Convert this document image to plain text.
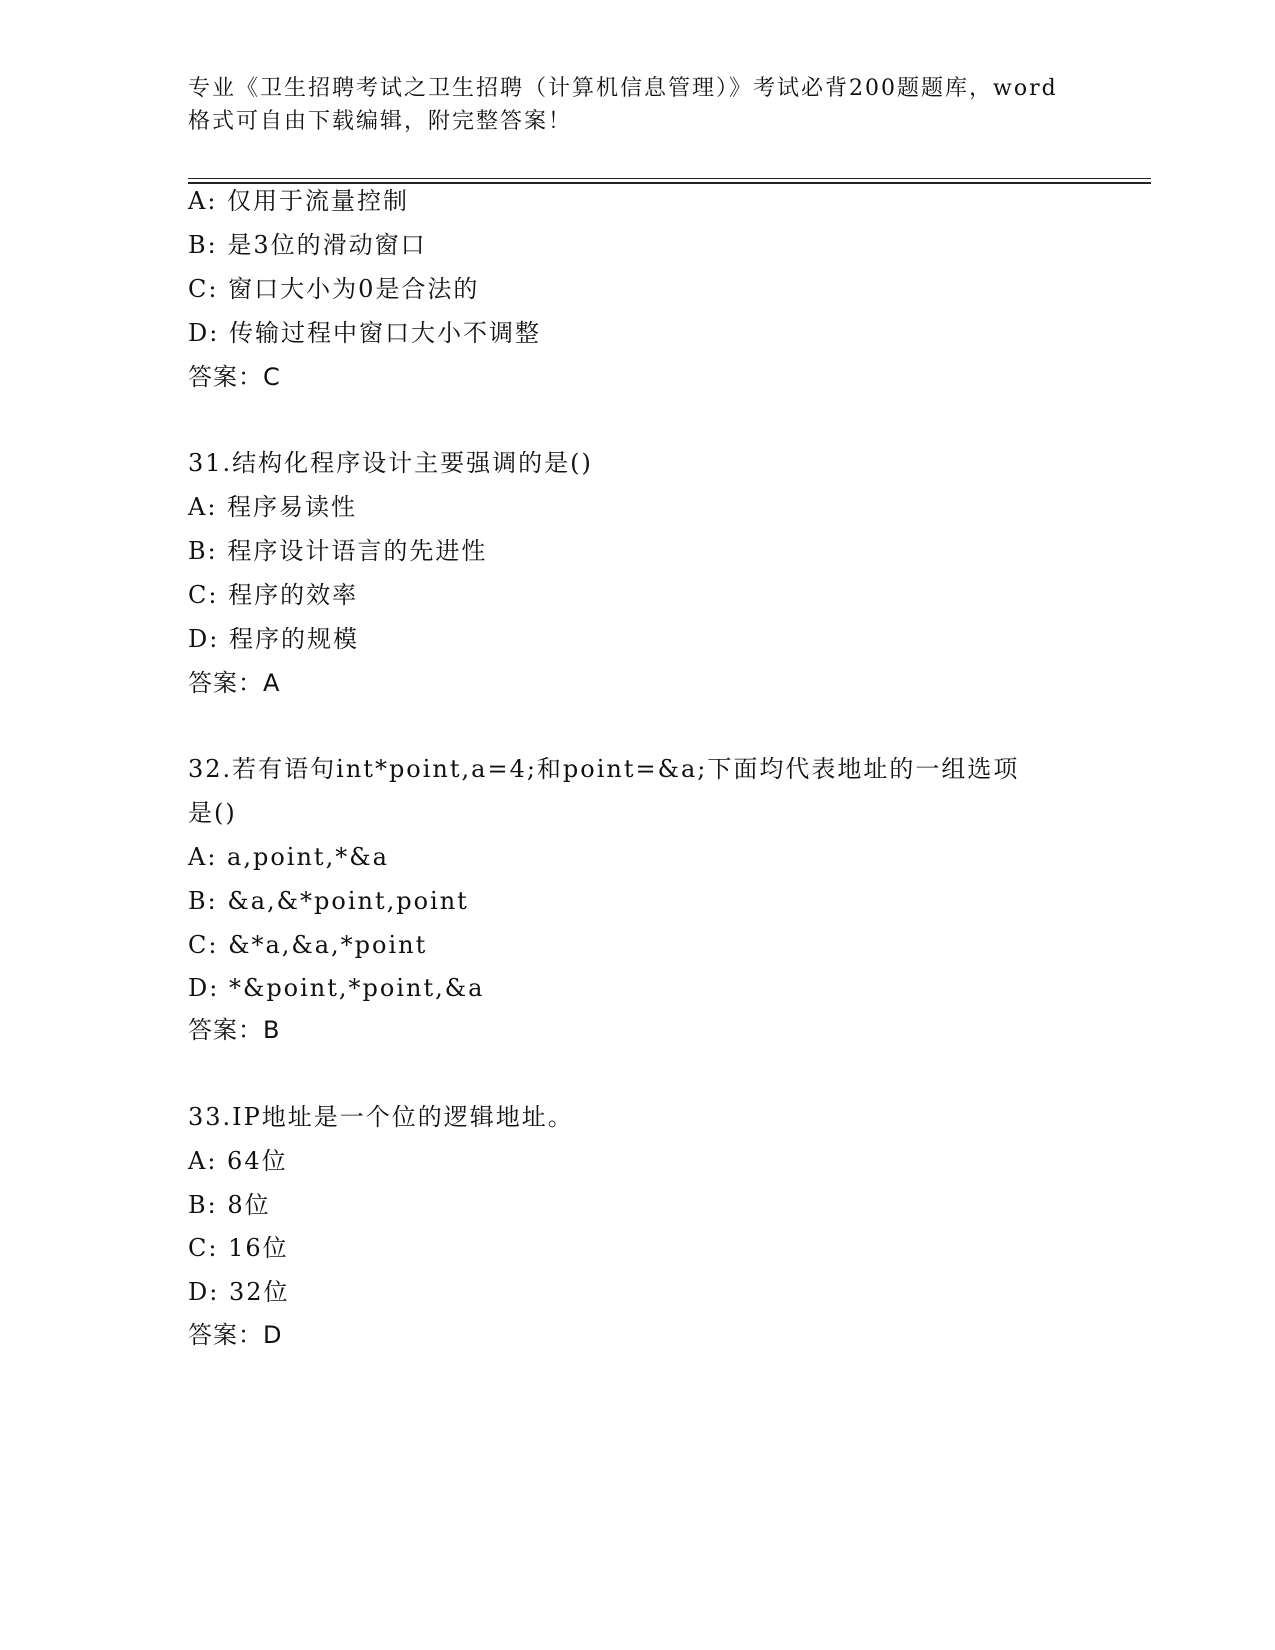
专业《卫生招聘考试之卫生招聘（计算机信息管理）》考试必背200题题库，word
格式可自由下载编辑，附完整答案！
A: 仅用于流量控制
B: 是3位的滑动窗口
C: 窗口大小为0是合法的
D: 传输过程中窗口大小不调整
答案：C
31.结构化程序设计主要强调的是()
A: 程序易读性
B: 程序设计语言的先进性
C: 程序的效率
D: 程序的规模
答案：A
32.若有语句int*point,a=4;和point=&a;下面均代表地址的一组选项
是()
A: a,point,*&a
B: &a,&*point,point
C: &*a,&a,*point
D: *&point,*point,&a
答案：B
33.IP地址是一个位的逻辑地址。
A: 64位
B: 8位
C: 16位
D: 32位
答案：D
